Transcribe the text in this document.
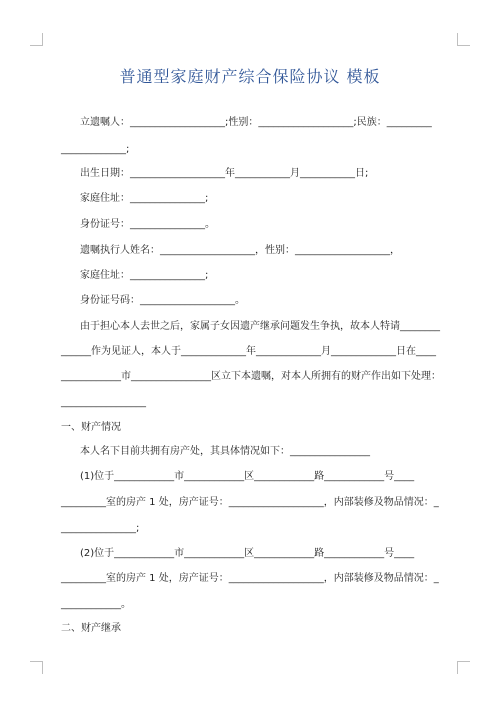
普通型家庭财产综合保险协议 模板
立遗嘱人：___________________;性别：___________________;民族：_________
_____________;
出生日期：___________________年___________月___________日;
家庭住址：_______________;
身份证号：_______________。
遗嘱执行人姓名：___________________，性别：___________________，
家庭住址：_______________;
身份证号码：___________________。
由于担心本人去世之后，家属子女因遗产继承问题发生争执，故本人特请________
______作为见证人，本人于_____________年_____________月_____________日在____
____________市________________区立下本遗嘱，对本人所拥有的财产作出如下处理：
_________________
一、财产情况
本人名下目前共拥有房产处，其具体情况如下：________________
(1)位于____________市____________区____________路____________号____
_________室的房产 1 处，房产证号：___________________，内部装修及物品情况：_
_______________;
(2)位于____________市____________区____________路____________号____
_________室的房产 1 处，房产证号：___________________，内部装修及物品情况：_
____________。
二、财产继承
